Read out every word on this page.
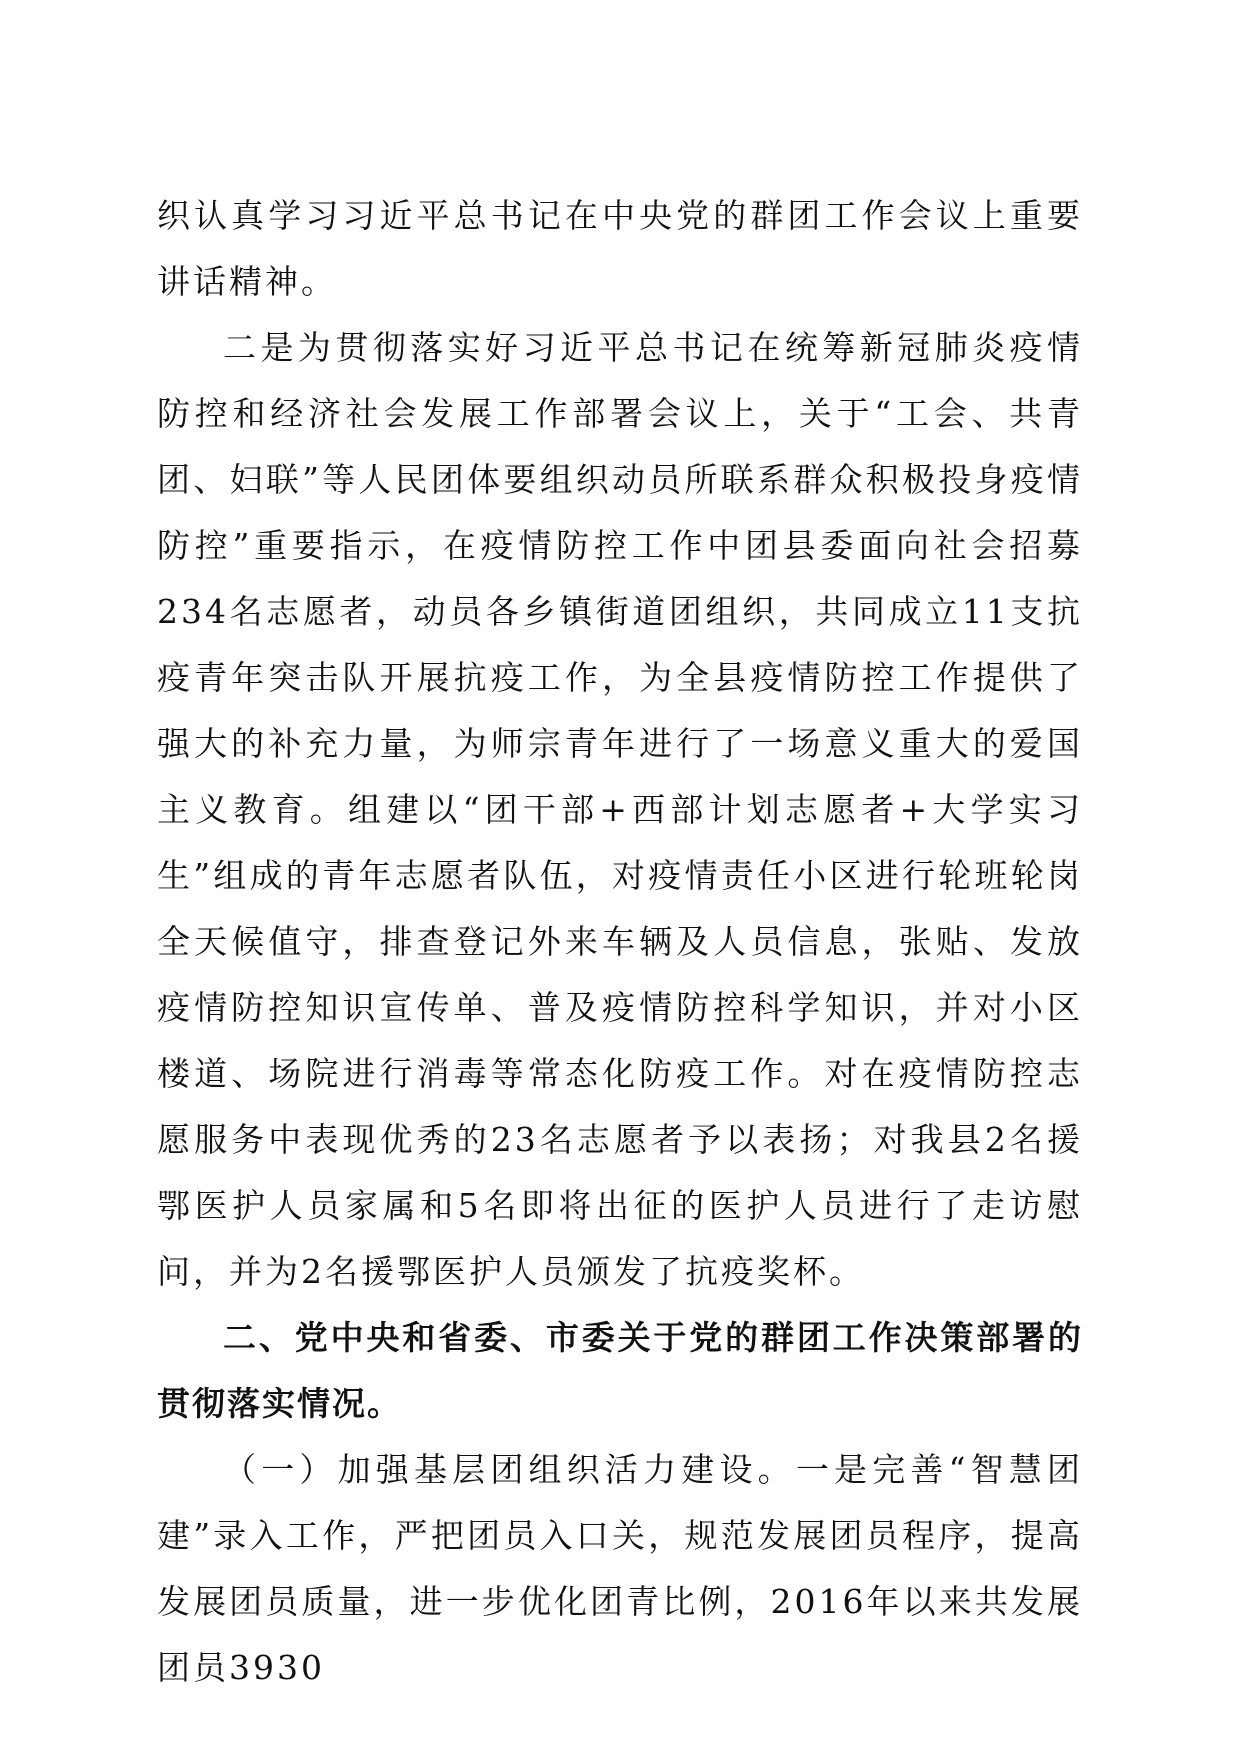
织认真学习习近平总书记在中央党的群团工作会议上重要讲话精神。

二是为贯彻落实好习近平总书记在统筹新冠肺炎疫情防控和经济社会发展工作部署会议上，关于“工会、共青团、妇联”等人民团体要组织动员所联系群众积极投身疫情防控”重要指示，在疫情防控工作中团县委面向社会招募234名志愿者，动员各乡镇街道团组织，共同成立11支抗疫青年突击队开展抗疫工作，为全县疫情防控工作提供了强大的补充力量，为师宗青年进行了一场意义重大的爱国主义教育。组建以“团干部+西部计划志愿者+大学实习生”组成的青年志愿者队伍，对疫情责任小区进行轮班轮岗全天候值守，排查登记外来车辆及人员信息，张贴、发放疫情防控知识宣传单、普及疫情防控科学知识，并对小区楼道、场院进行消毒等常态化防疫工作。对在疫情防控志愿服务中表现优秀的23名志愿者予以表扬；对我县2名援鄂医护人员家属和5名即将出征的医护人员进行了走访慰问，并为2名援鄂医护人员颁发了抗疫奖杯。

二、党中央和省委、市委关于党的群团工作决策部署的贯彻落实情况。

（一）加强基层团组织活力建设。一是完善“智慧团建”录入工作，严把团员入口关，规范发展团员程序，提高发展团员质量，进一步优化团青比例，2016年以来共发展团员3930
